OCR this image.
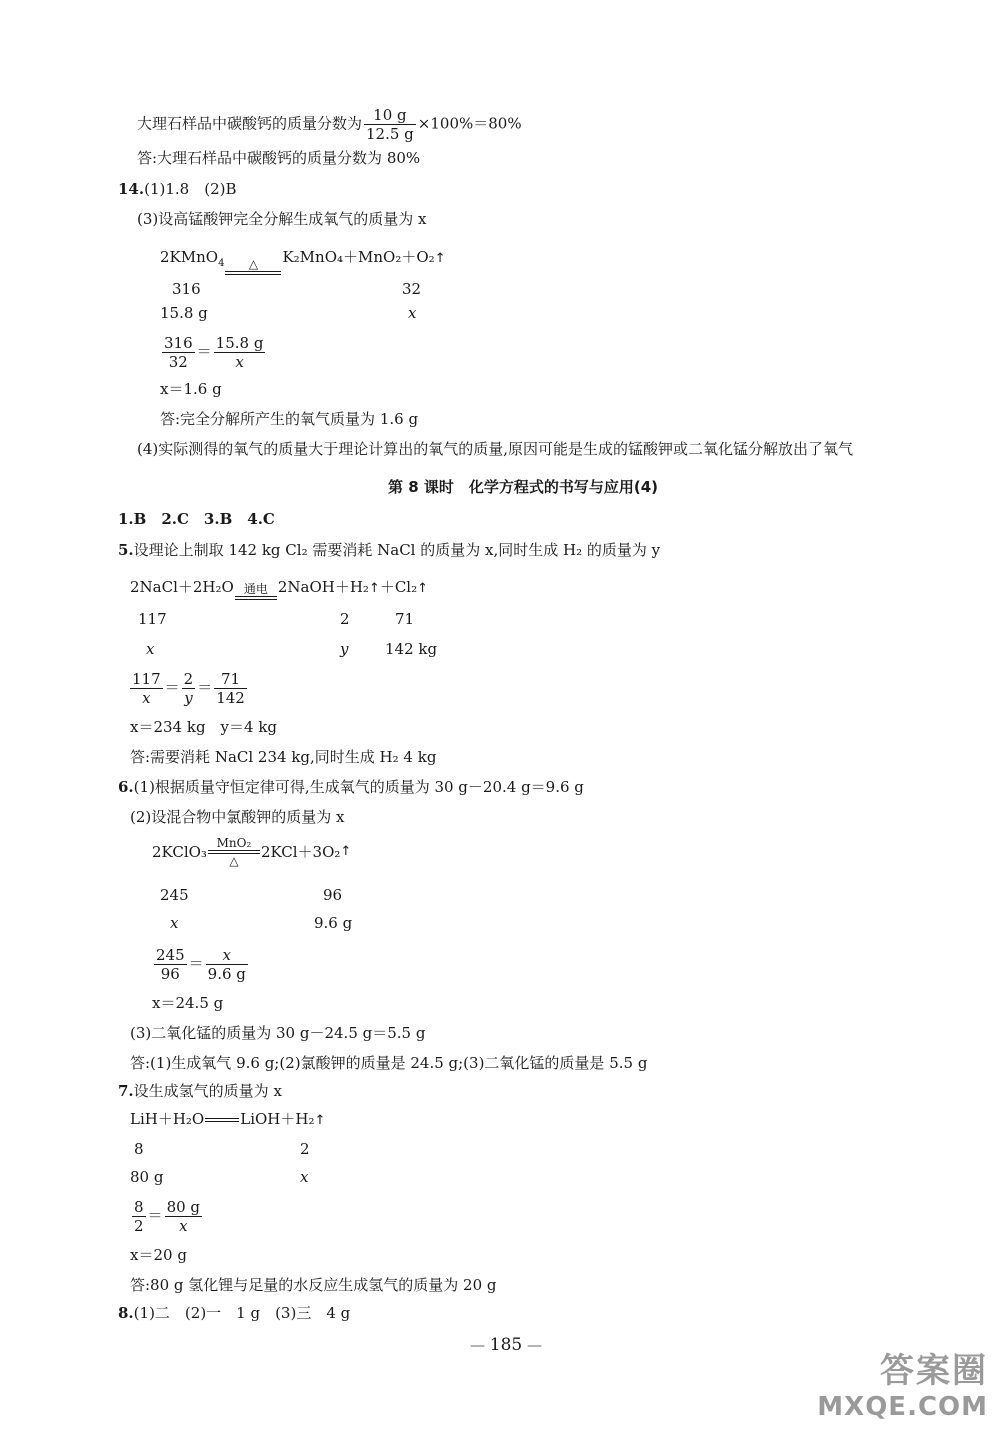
大理石样品中碳酸钙的质量分数为 $\frac{10 g}{12.5 g} \times 100\%=80\%$
答:大理石样品中碳酸钙的质量分数为 80%
14.(1)1.8　(2)B
(3)设高锰酸钾完全分解生成氧气的质量为 x
2KMnO$_4$	△	K₂MnO₄＋MnO₂＋O₂↑
316	32
15.8 g	x
$\frac{316}{32} = \frac{15.8 g}{x}$
x＝1.6 g
答:完全分解所产生的氧气质量为 1.6 g
(4)实际测得的氧气的质量大于理论计算出的氧气的质量,原因可能是生成的锰酸钾或二氧化锰分解放出了氧气
第 8 课时　化学方程式的书写与应用(4)
1.B　2.C　3.B　4.C
5.设理论上制取 142 kg Cl₂ 需要消耗 NaCl 的质量为 x,同时生成 H₂ 的质量为 y
2NaCl＋2H₂O 通电 2NaOH＋H₂↑＋Cl₂↑
117	2	71
x	y 142 kg
$\frac{117}{x} = \frac{2}{y} = \frac{71}{142}$
x＝234 kg　y＝4 kg
答:需要消耗 NaCl 234 kg,同时生成 H₂ 4 kg
6.(1)根据质量守恒定律可得,生成氧气的质量为 30 g－20.4 g＝9.6 g
(2)设混合物中氯酸钾的质量为 x
2KClO₃ MnO₂
△	2KCl＋3O₂↑
245	96
x	9.6 g
$\frac{245}{96} = \frac{x}{9.6 g}$
x＝24.5 g
(3)二氧化锰的质量为 30 g－24.5 g＝5.5 g
答:(1)生成氧气 9.6 g;(2)氯酸钾的质量是 24.5 g;(3)二氧化锰的质量是 5.5 g
7.设生成氢气的质量为 x
LiH＋H₂O LiOH＋H₂↑
8	2
80 g	x
$\frac{8}{2} = \frac{80 g}{x}$
x＝20 g
答:80 g 氢化锂与足量的水反应生成氢气的质量为 20 g
8.(1)二　(2)一　1 g　(3)三　4 g
— 185 —
答案圈
MXQE.COM
